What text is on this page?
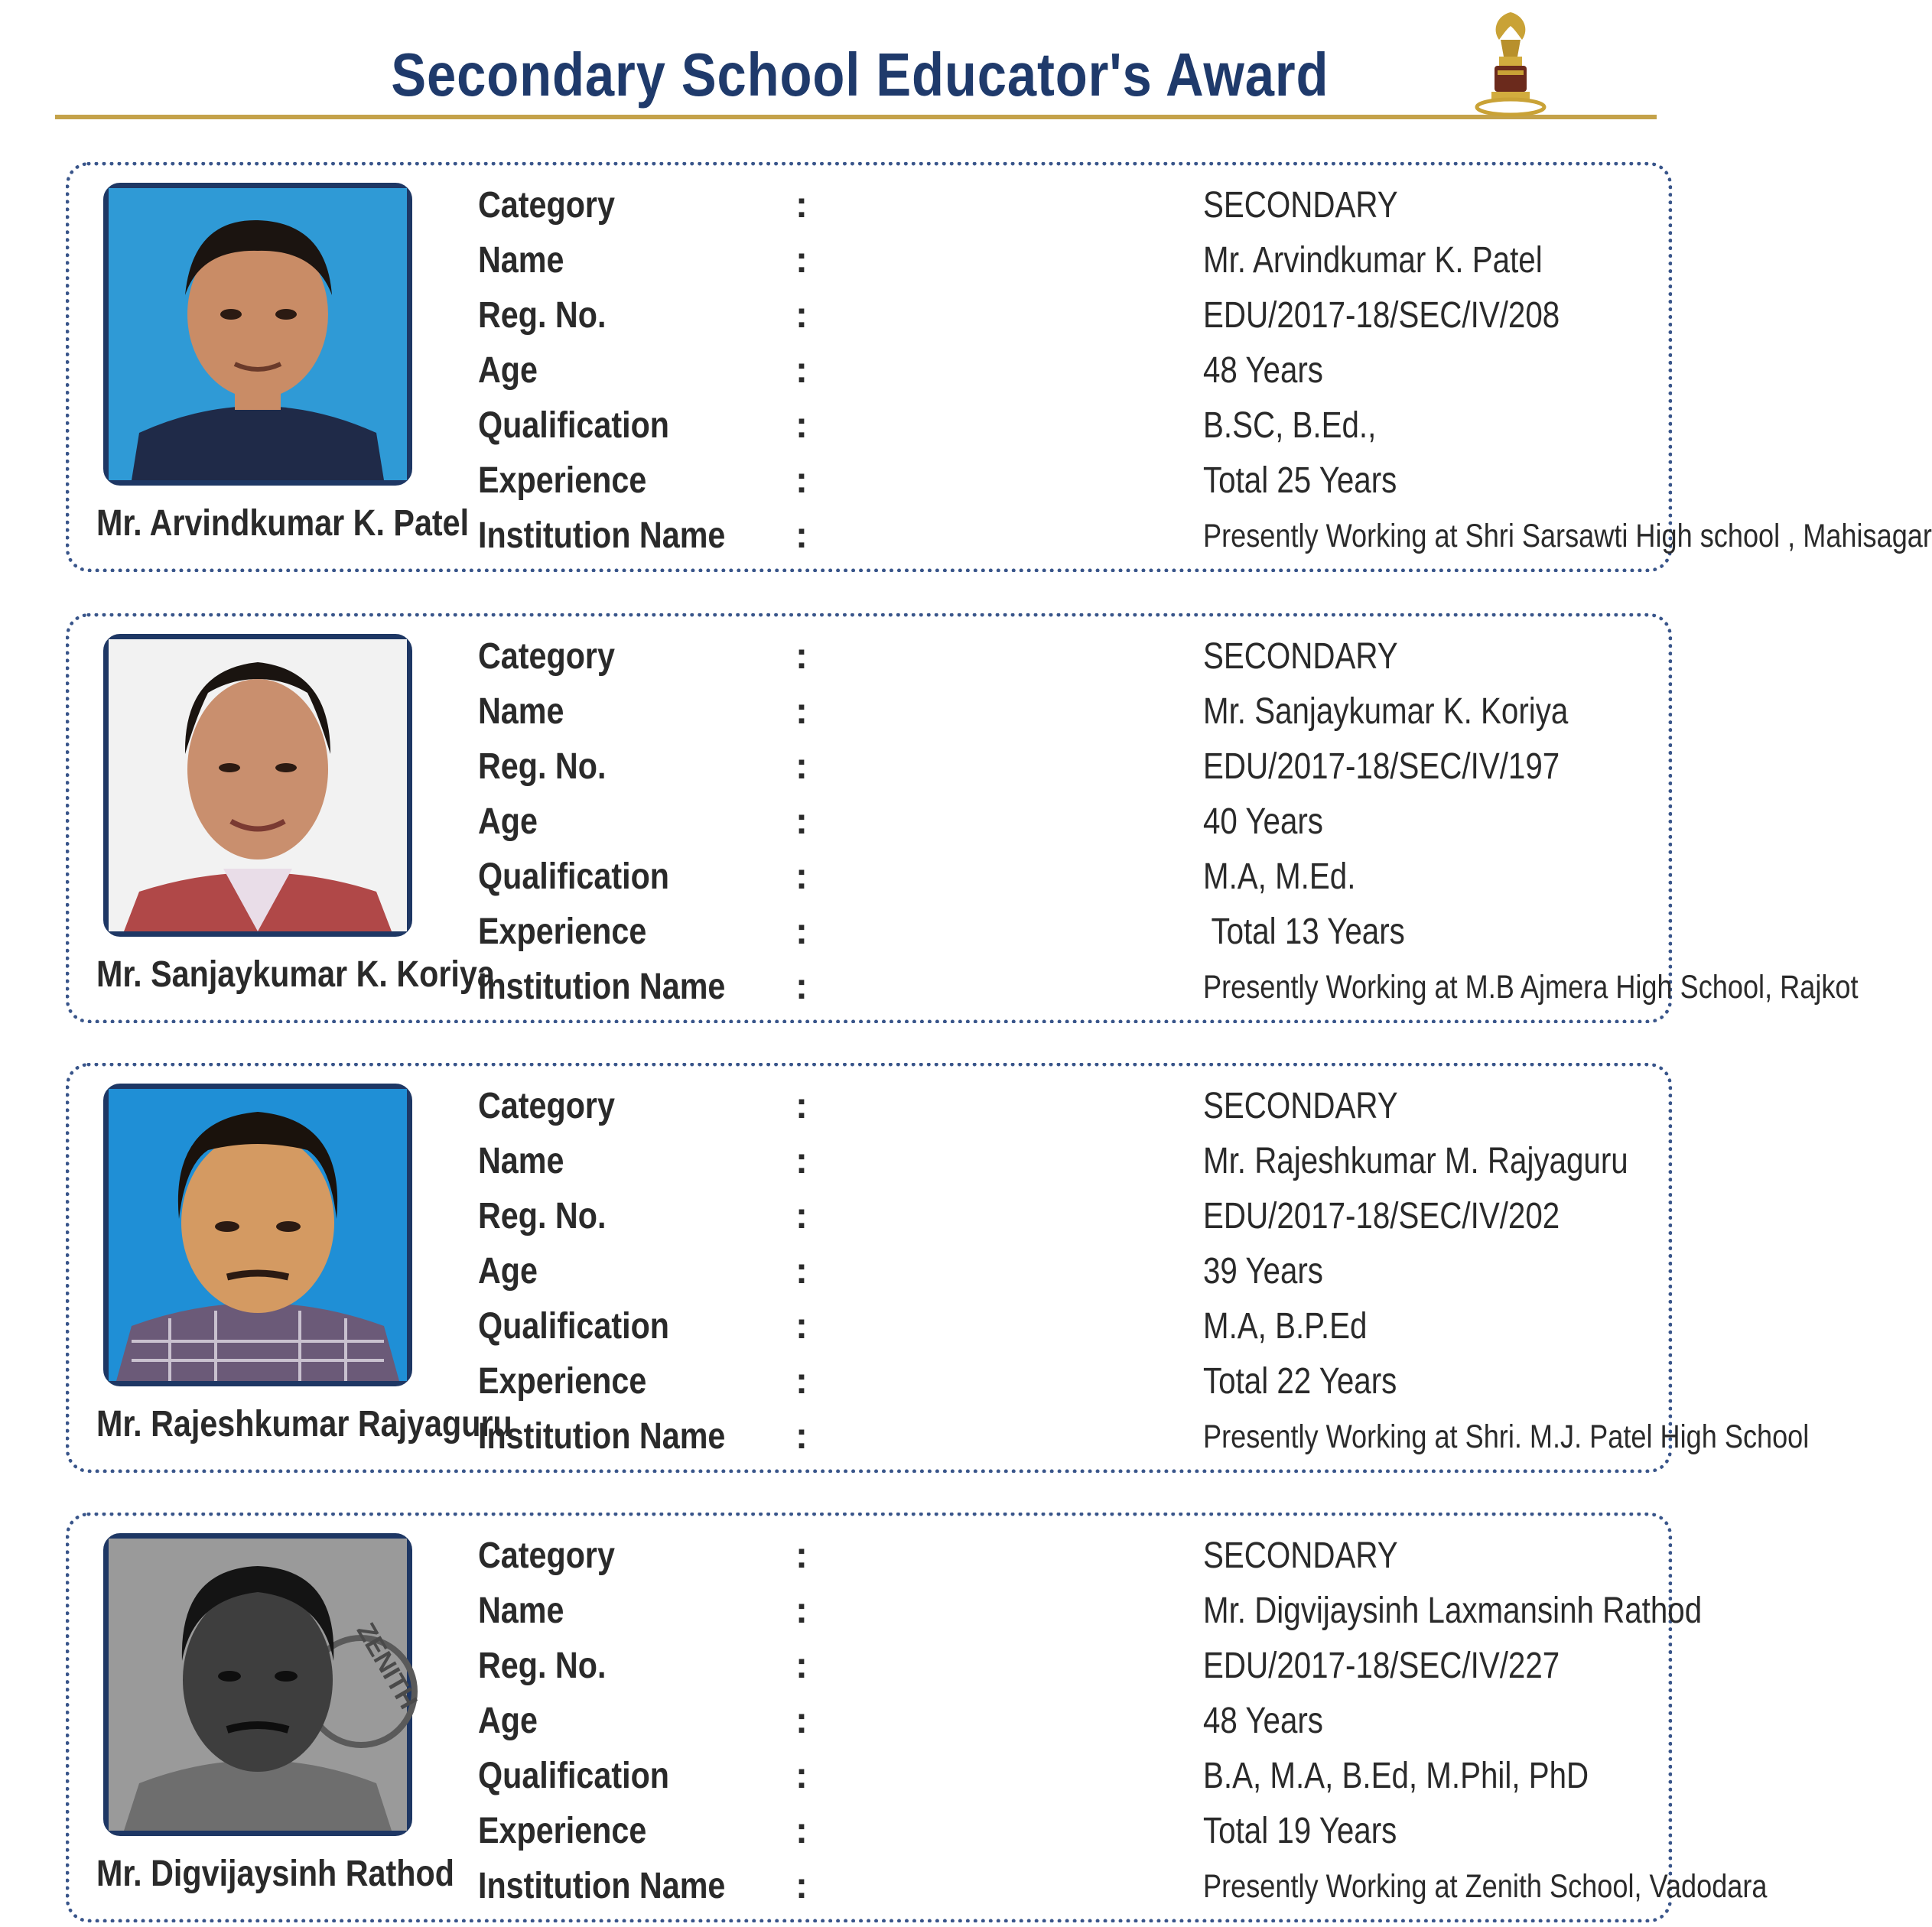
Secondary School Educator's Award
Mr. Arvindkumar K. Patel
Category	:	SECONDARY
Name	:	Mr. Arvindkumar K. Patel
Reg. No.	:	EDU/2017-18/SEC/IV/208
Age	:	48 Years
Qualification	:	B.SC, B.Ed.,
Experience	:	Total 25 Years
Institution Name :	Presently Working at Shri Sarsawti High school , Mahisagar
Mr. Sanjaykumar K. Koriya
Category	:	SECONDARY
Name	:	Mr. Sanjaykumar K. Koriya
Reg. No.	:	EDU/2017-18/SEC/IV/197
Age	:	40 Years
Qualification	:	M.A, M.Ed.
Experience	:	Total 13 Years
Institution Name :	Presently Working at M.B Ajmera High School, Rajkot
Mr. Rajeshkumar Rajyaguru
Category	:	SECONDARY
Name	:	Mr. Rajeshkumar M. Rajyaguru
Reg. No.	:	EDU/2017-18/SEC/IV/202
Age	:	39 Years
Qualification	:	M.A, B.P.Ed
Experience	:	Total 22 Years
Institution Name :	Presently Working at Shri. M.J. Patel High School
ZENITH
Mr. Digvijaysinh Rathod
Category	:	SECONDARY
Name	:	Mr. Digvijaysinh Laxmansinh Rathod
Reg. No.	:	EDU/2017-18/SEC/IV/227
Age	:	48 Years
Qualification	:	B.A, M.A, B.Ed, M.Phil, PhD
Experience	:	Total 19 Years
Institution Name :	Presently Working at Zenith School, Vadodara
